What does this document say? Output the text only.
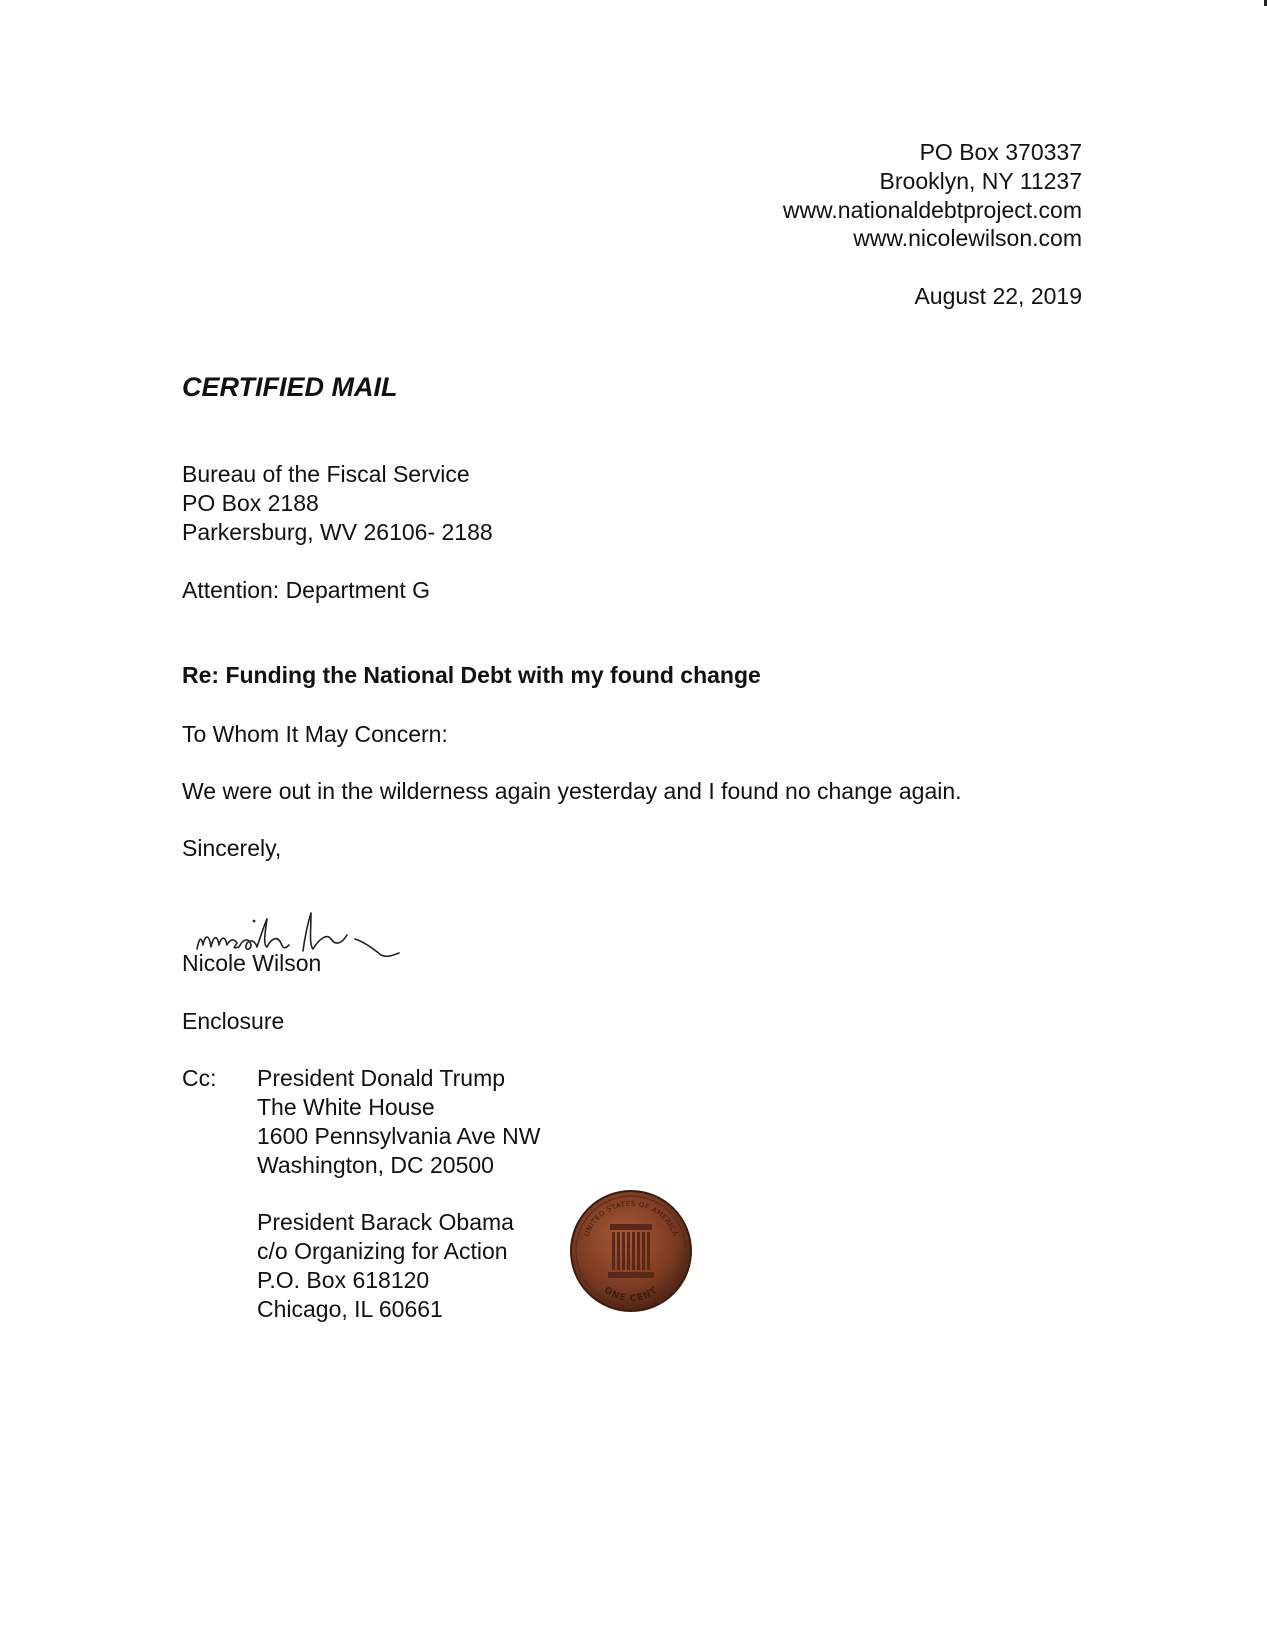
PO Box 370337
Brooklyn, NY 11237
www.nationaldebtproject.com
www.nicolewilson.com
August 22, 2019
CERTIFIED MAIL
Bureau of the Fiscal Service
PO Box 2188
Parkersburg, WV 26106- 2188
Attention: Department G
Re: Funding the National Debt with my found change
To Whom It May Concern:
We were out in the wilderness again yesterday and I found no change again.
Sincerely,
Nicole Wilson
Enclosure
Cc: President Donald Trump
The White House
1600 Pennsylvania Ave NW
Washington, DC 20500
President Barack Obama
c/o Organizing for Action
P.O. Box 618120
Chicago, IL 60661
UNITED STATES OF AMERICA
ONE CENT
